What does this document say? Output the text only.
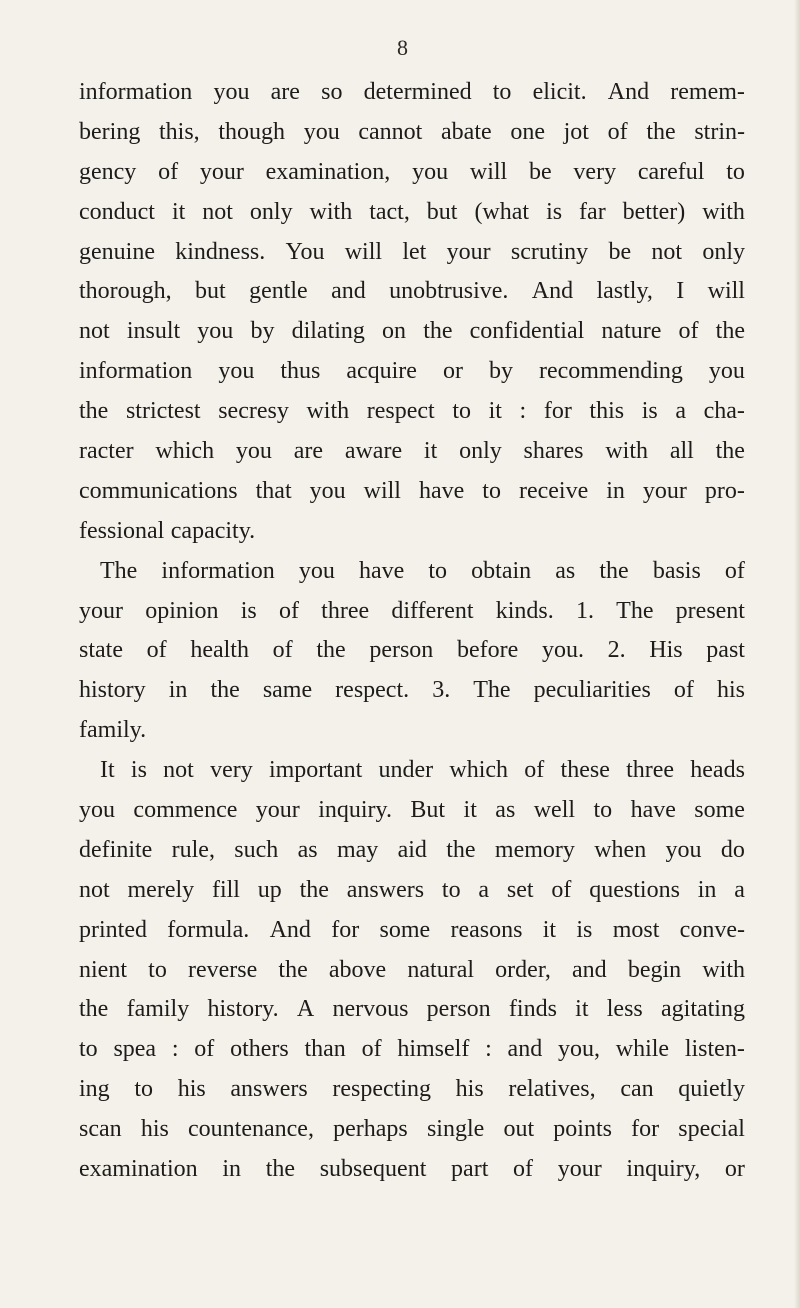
8
information you are so determined to elicit. And remem-
bering this, though you cannot abate one jot of the strin-
gency of your examination, you will be very careful to
conduct it not only with tact, but (what is far better) with
genuine kindness. You will let your scrutiny be not only
thorough, but gentle and unobtrusive. And lastly, I will
not insult you by dilating on the confidential nature of the
information you thus acquire or by recommending you
the strictest secresy with respect to it : for this is a cha-
racter which you are aware it only shares with all the
communications that you will have to receive in your pro-
fessional capacity.
The information you have to obtain as the basis of
your opinion is of three different kinds. 1. The present
state of health of the person before you. 2. His past
history in the same respect. 3. The peculiarities of his
family.
It is not very important under which of these three heads
you commence your inquiry. But it as well to have some
definite rule, such as may aid the memory when you do
not merely fill up the answers to a set of questions in a
printed formula. And for some reasons it is most conve-
nient to reverse the above natural order, and begin with
the family history. A nervous person finds it less agitating
to spea : of others than of himself : and you, while listen-
ing to his answers respecting his relatives, can quietly
scan his countenance, perhaps single out points for special
examination in the subsequent part of your inquiry, or
